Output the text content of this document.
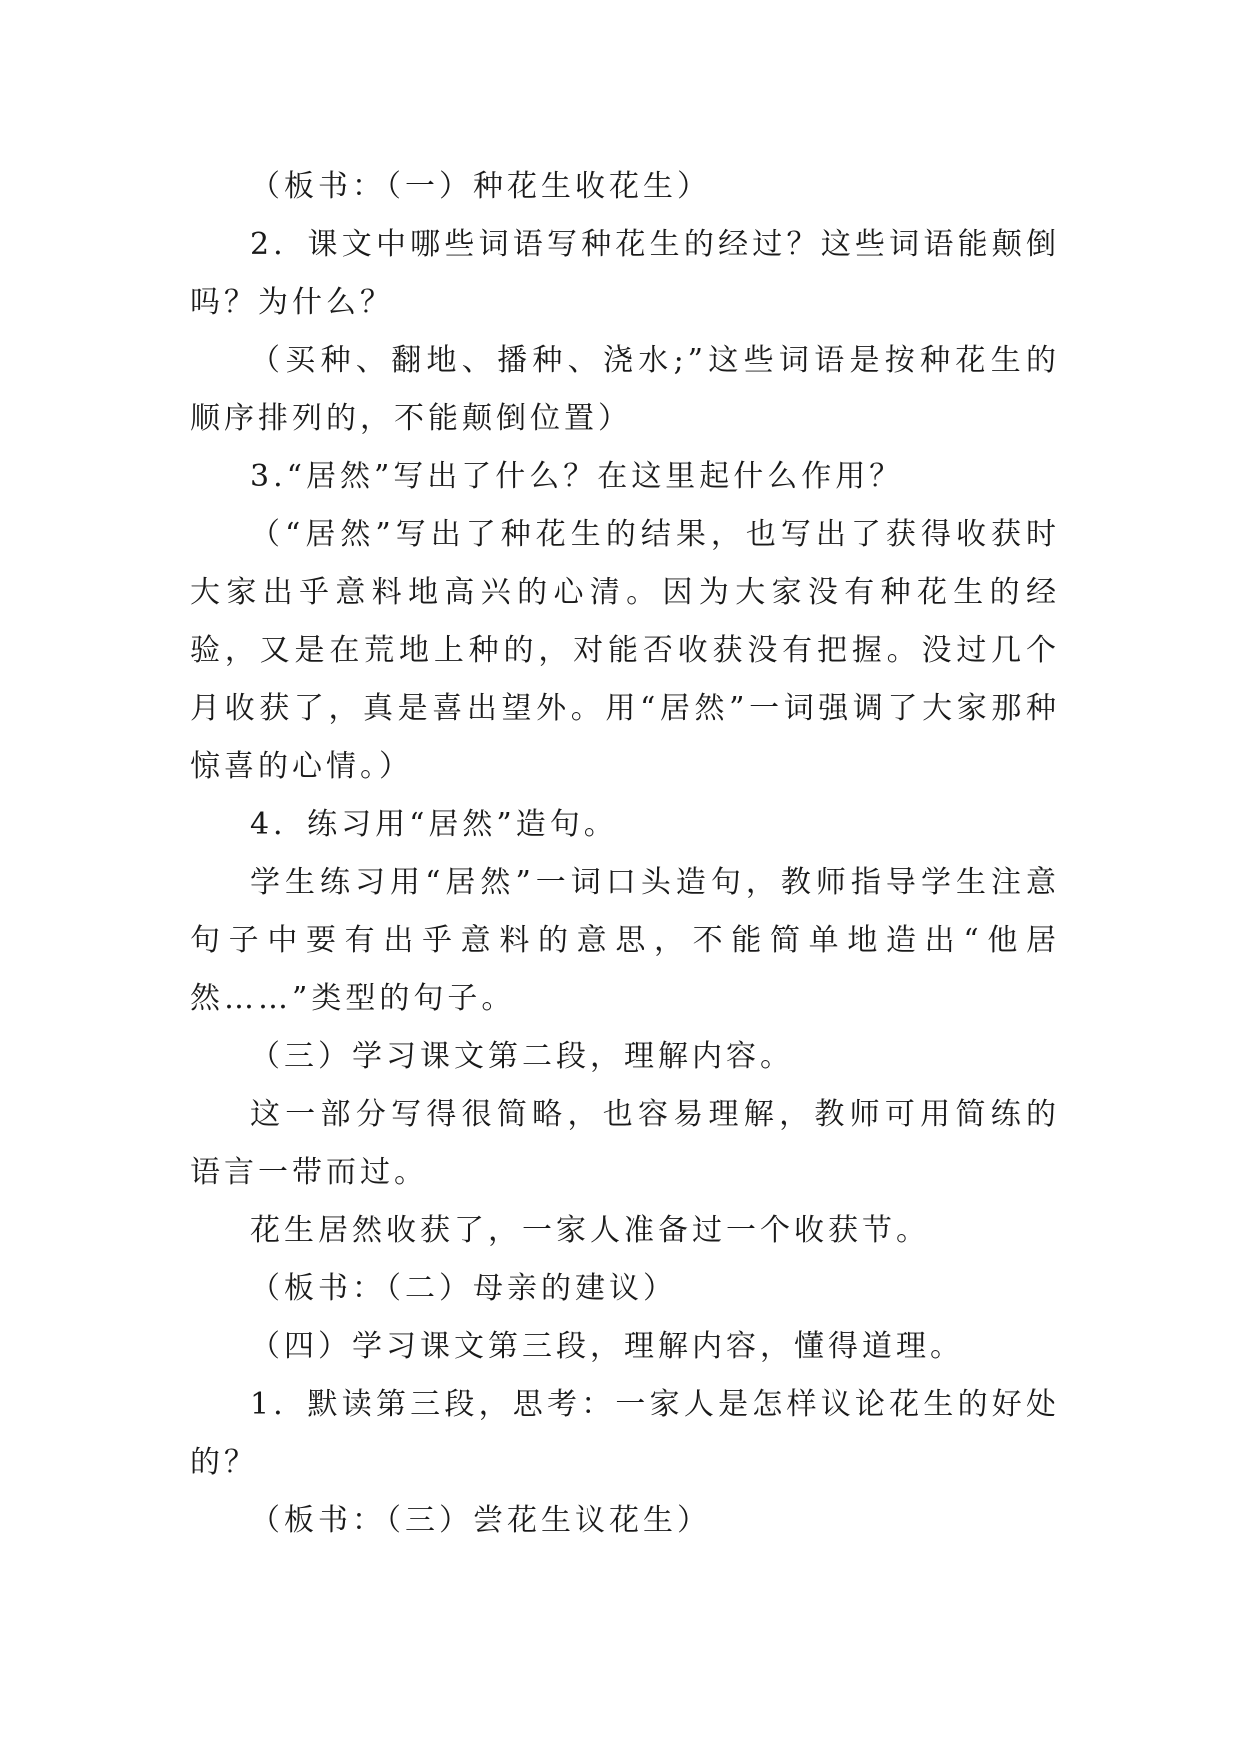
（板书：（一）种花生收花生）

2．课文中哪些词语写种花生的经过？这些词语能颠倒吗？为什么？

（买种、翻地、播种、浇水;”这些词语是按种花生的顺序排列的，不能颠倒位置）

3.“居然”写出了什么？在这里起什么作用？

（“居然”写出了种花生的结果，也写出了获得收获时大家出乎意料地高兴的心清。因为大家没有种花生的经验，又是在荒地上种的，对能否收获没有把握。没过几个月收获了，真是喜出望外。用“居然”一词强调了大家那种惊喜的心情。）

4．练习用“居然”造句。

学生练习用“居然”一词口头造句，教师指导学生注意句子中要有出乎意料的意思，不能简单地造出“他居然……”类型的句子。

（三）学习课文第二段，理解内容。

这一部分写得很简略，也容易理解，教师可用简练的语言一带而过。

花生居然收获了，一家人准备过一个收获节。

（板书：（二）母亲的建议）

（四）学习课文第三段，理解内容，懂得道理。

1．默读第三段，思考：一家人是怎样议论花生的好处的？

（板书：（三）尝花生议花生）
